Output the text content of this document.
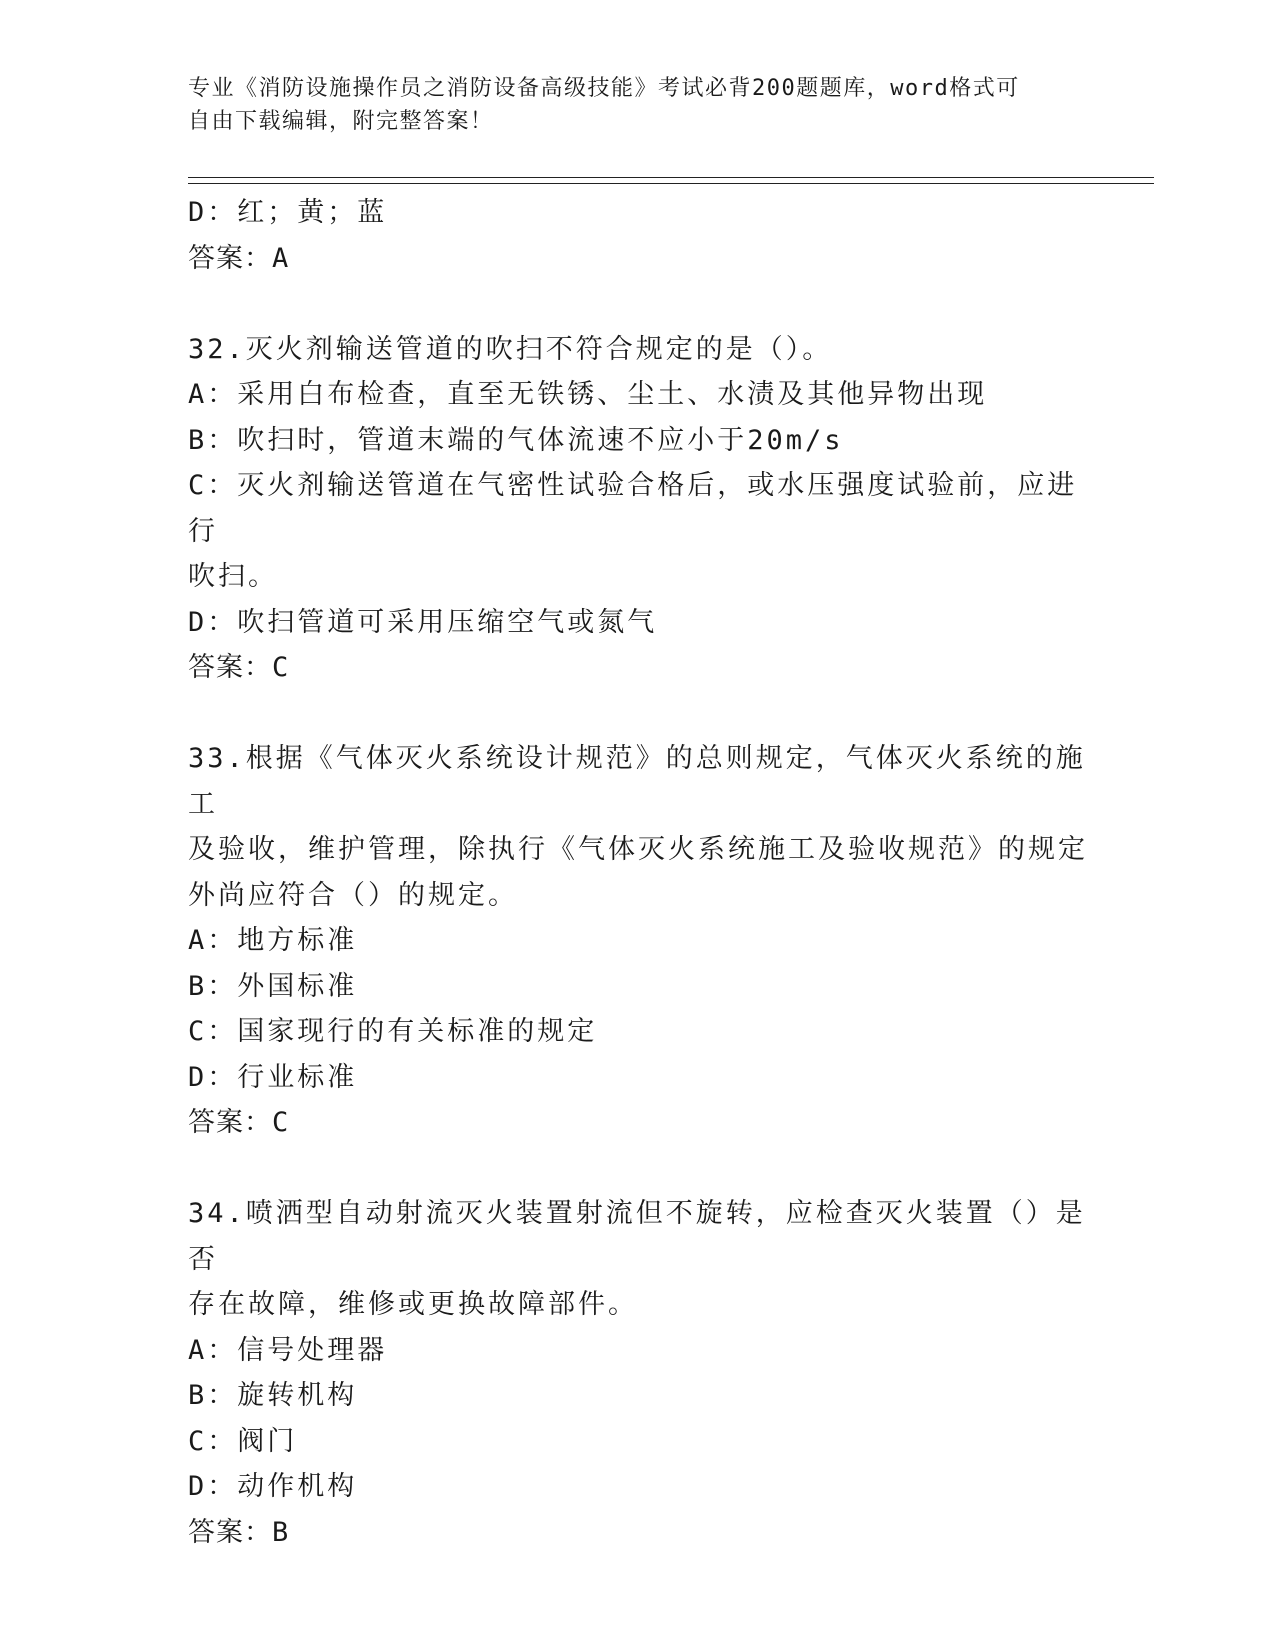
专业《消防设施操作员之消防设备高级技能》考试必背200题题库，word格式可
自由下载编辑，附完整答案！
D：红；黄；蓝
答案：A
32.灭火剂输送管道的吹扫不符合规定的是（）。
A：采用白布检查，直至无铁锈、尘土、水渍及其他异物出现
B：吹扫时，管道末端的气体流速不应小于20m/s
C：灭火剂输送管道在气密性试验合格后，或水压强度试验前，应进行
吹扫。
D：吹扫管道可采用压缩空气或氮气
答案：C
33.根据《气体灭火系统设计规范》的总则规定，气体灭火系统的施工
及验收，维护管理，除执行《气体灭火系统施工及验收规范》的规定
外尚应符合（）的规定。
A：地方标准
B：外国标准
C：国家现行的有关标准的规定
D：行业标准
答案：C
34.喷洒型自动射流灭火装置射流但不旋转，应检查灭火装置（）是否
存在故障，维修或更换故障部件。
A：信号处理器
B：旋转机构
C：阀门
D：动作机构
答案：B
